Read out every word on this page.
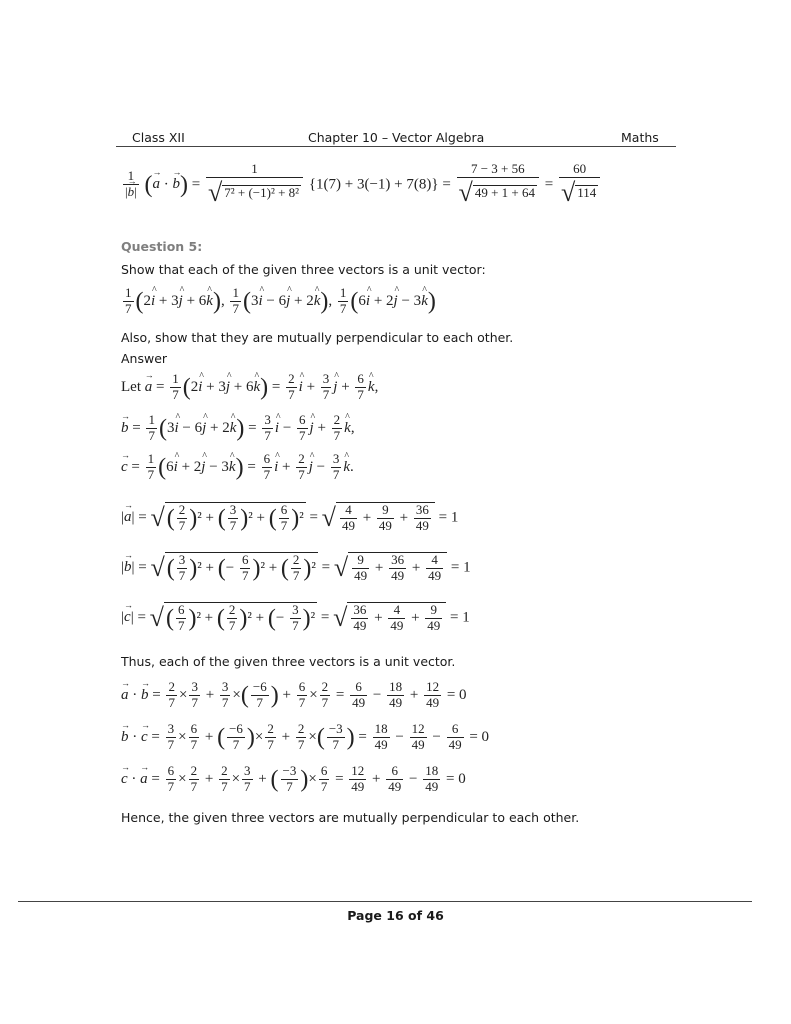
Class XII	Chapter 10 – Vector Algebra	Maths
$\frac{1}{|\to b|}$ (→ a · → $b) = \frac{1}{\text{√ 7² + (−1)² + 8²}} \{1(7) + 3(-1) + 7(8)\} = \frac{7 - 3 + 56}{√ 49 + 1 + 64} = \frac{60}{√ 114}$
Question 5:
Show that each of the given three vectors is a unit vector:
$\frac{1}{7}$ (2^ i + 3^ j + 6^ k), $\frac{1}{7}$ (3^ i − 6^ j + 2^ k), $\frac{1}{7}$ (6^ i + 2^ j − 3^ k)
Also, show that they are mutually perpendicular to each other.
Answer
Let → $a = \frac{1}{7}$ (2^ i + 3^ j + 6^ $k) = \frac{2}{7}$ ^ $i + \frac{3}{7}$ ^ $j + \frac{6}{7}$ ^ k,
→ $b = \frac{1}{7}$ (3^ i − 6^ j + 2^ $k) = \frac{3}{7}$ ^ $i - \frac{6}{7}$ ^ $j + \frac{2}{7}$ ^ k,
→ $c = \frac{1}{7}$ (6^ i + 2^ j − 3^ $k) = \frac{6}{7}$ ^ $i + \frac{2}{7}$ ^ $j - \frac{3}{7}$ ^ k.
|→ a| = √( $\frac{2}{7} )^2$ + ( $\frac{3}{7} )^2$ + ( $\frac{6}{7} )^2$ = √ $\frac{4}{49} + \frac{9}{49} + \frac{36}{49} = 1$
|→ b| = √( $\frac{3}{7} )^2$ + (− $\frac{6}{7} )^2$ + ( $\frac{2}{7} )^2$ = √ $\frac{9}{49} + \frac{36}{49} + \frac{4}{49} = 1$
|→ c| = √( $\frac{6}{7} )^2$ + ( $\frac{2}{7} )^2$ + (− $\frac{3}{7} )^2$ = √ $\frac{36}{49} + \frac{4}{49} + \frac{9}{49} = 1$
Thus, each of the given three vectors is a unit vector.
→ a · → $b = \frac{2}{7} \times \frac{3}{7} + \frac{3}{7}$ ×( $\frac{-6}{7}$ ) + $\frac{6}{7} \times \frac{2}{7} = \frac{6}{49} - \frac{18}{49} + \frac{12}{49} = 0$
→ b · → $c = \frac{3}{7} \times \frac{6}{7}$ + ( $\frac{-6}{7}$ )× $\frac{2}{7} + \frac{2}{7}$ ×( $\frac{-3}{7}$ ) = $\frac{18}{49} - \frac{12}{49} - \frac{6}{49} = 0$
→ c · → $a = \frac{6}{7} \times \frac{2}{7} + \frac{2}{7} \times \frac{3}{7}$ + ( $\frac{-3}{7}$ )× $\frac{6}{7} = \frac{12}{49} + \frac{6}{49} - \frac{18}{49} = 0$
Hence, the given three vectors are mutually perpendicular to each other.
Page 16 of 46
